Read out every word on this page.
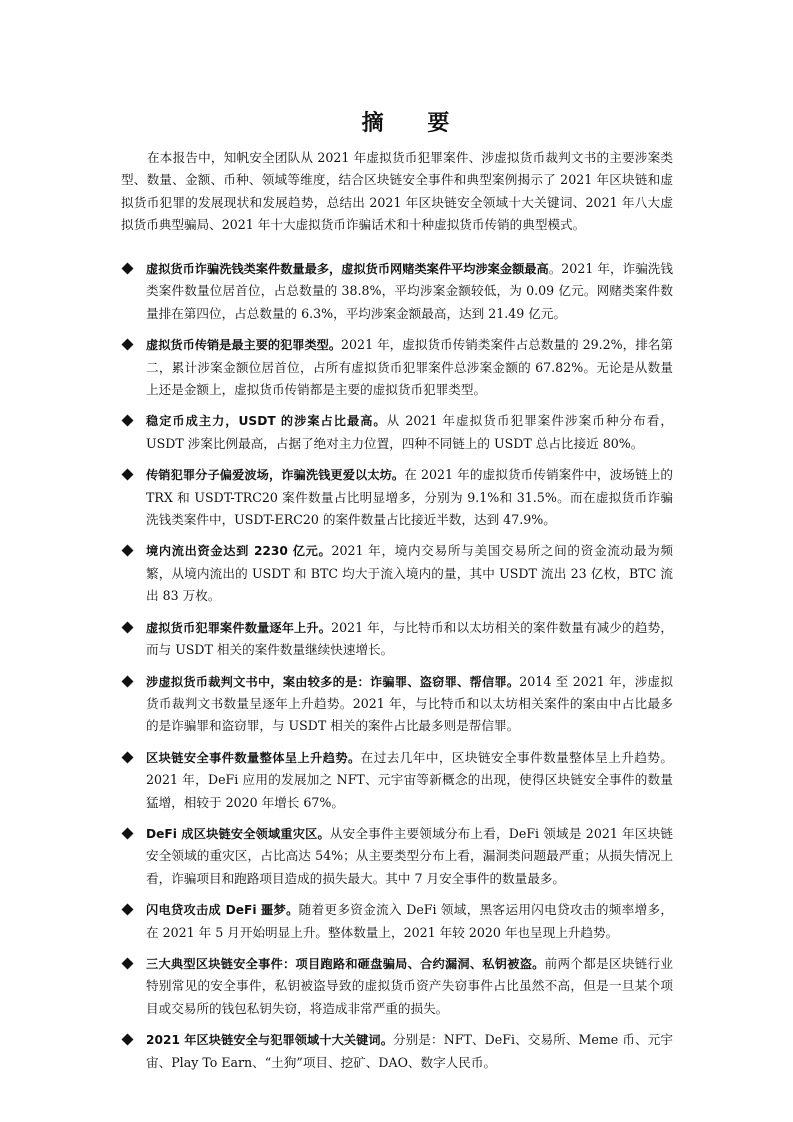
摘 要

在本报告中，知帆安全团队从 2021 年虚拟货币犯罪案件、涉虚拟货币裁判文书的主要涉案类型、数量、金额、币种、领域等维度，结合区块链安全事件和典型案例揭示了 2021 年区块链和虚拟货币犯罪的发展现状和发展趋势，总结出 2021 年区块链安全领域十大关键词、2021 年八大虚拟货币典型骗局、2021 年十大虚拟货币诈骗话术和十种虚拟货币传销的典型模式。

虚拟货币诈骗洗钱类案件数量最多，虚拟货币网赌类案件平均涉案金额最高。2021 年，诈骗洗钱类案件数量位居首位，占总数量的 38.8%，平均涉案金额较低，为 0.09 亿元。网赌类案件数量排在第四位，占总数量的 6.3%，平均涉案金额最高，达到 21.49 亿元。
虚拟货币传销是最主要的犯罪类型。2021 年，虚拟货币传销类案件占总数量的 29.2%，排名第二，累计涉案金额位居首位，占所有虚拟货币犯罪案件总涉案金额的 67.82%。无论是从数量上还是金额上，虚拟货币传销都是主要的虚拟货币犯罪类型。
稳定币成主力，USDT 的涉案占比最高。从 2021 年虚拟货币犯罪案件涉案币种分布看，USDT 涉案比例最高，占据了绝对主力位置，四种不同链上的 USDT 总占比接近 80%。
传销犯罪分子偏爱波场，诈骗洗钱更爱以太坊。在 2021 年的虚拟货币传销案件中，波场链上的 TRX 和 USDT-TRC20 案件数量占比明显增多，分别为 9.1%和 31.5%。而在虚拟货币诈骗洗钱类案件中，USDT-ERC20 的案件数量占比接近半数，达到 47.9%。
境内流出资金达到 2230 亿元。2021 年，境内交易所与美国交易所之间的资金流动最为频繁，从境内流出的 USDT 和 BTC 均大于流入境内的量，其中 USDT 流出 23 亿枚，BTC 流出 83 万枚。
虚拟货币犯罪案件数量逐年上升。2021 年，与比特币和以太坊相关的案件数量有减少的趋势，而与 USDT 相关的案件数量继续快速增长。
涉虚拟货币裁判文书中，案由较多的是：诈骗罪、盗窃罪、帮信罪。2014 至 2021 年，涉虚拟货币裁判文书数量呈逐年上升趋势。2021 年，与比特币和以太坊相关案件的案由中占比最多的是诈骗罪和盗窃罪，与 USDT 相关的案件占比最多则是帮信罪。
区块链安全事件数量整体呈上升趋势。在过去几年中，区块链安全事件数量整体呈上升趋势。2021 年，DeFi 应用的发展加之 NFT、元宇宙等新概念的出现，使得区块链安全事件的数量猛增，相较于 2020 年增长 67%。
DeFi 成区块链安全领域重灾区。从安全事件主要领域分布上看，DeFi 领域是 2021 年区块链安全领域的重灾区，占比高达 54%；从主要类型分布上看，漏洞类问题最严重；从损失情况上看，诈骗项目和跑路项目造成的损失最大。其中 7 月安全事件的数量最多。
闪电贷攻击成 DeFi 噩梦。随着更多资金流入 DeFi 领域，黑客运用闪电贷攻击的频率增多，在 2021 年 5 月开始明显上升。整体数量上，2021 年较 2020 年也呈现上升趋势。
三大典型区块链安全事件：项目跑路和砸盘骗局、合约漏洞、私钥被盗。前两个都是区块链行业特别常见的安全事件，私钥被盗导致的虚拟货币资产失窃事件占比虽然不高，但是一旦某个项目或交易所的钱包私钥失窃，将造成非常严重的损失。
2021 年区块链安全与犯罪领域十大关键词。分别是：NFT、DeFi、交易所、Meme 币、元宇宙、Play To Earn、“土狗”项目、挖矿、DAO、数字人民币。
